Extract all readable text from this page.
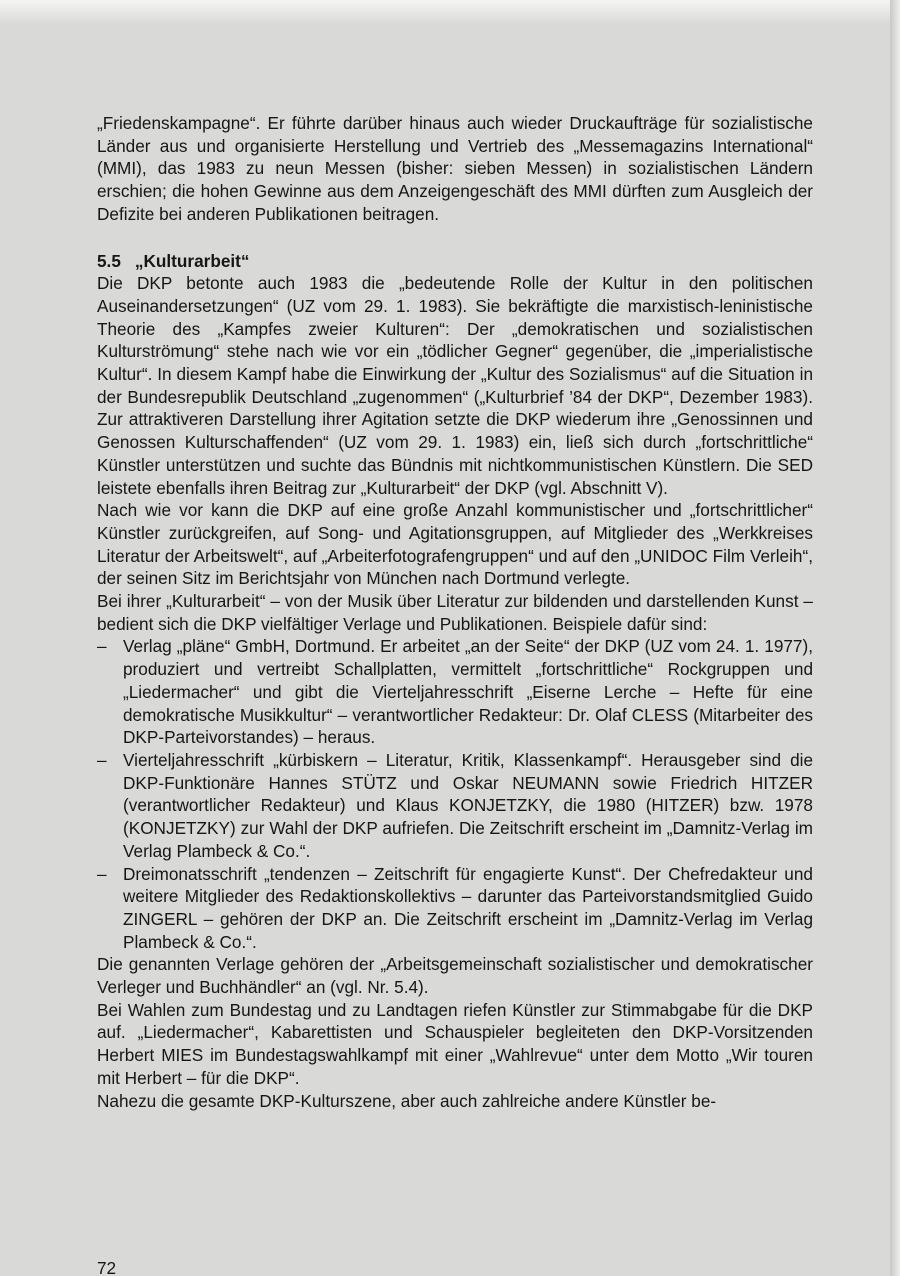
„Friedenskampagne“. Er führte darüber hinaus auch wieder Druckaufträge für sozialistische Länder aus und organisierte Herstellung und Vertrieb des „Messemagazins International“ (MMI), das 1983 zu neun Messen (bisher: sieben Messen) in sozialistischen Ländern erschien; die hohen Gewinne aus dem Anzeigengeschäft des MMI dürften zum Ausgleich der Defizite bei anderen Publikationen beitragen.

5.5 „Kulturarbeit“

Die DKP betonte auch 1983 die „bedeutende Rolle der Kultur in den politischen Auseinandersetzungen“ (UZ vom 29. 1. 1983). Sie bekräftigte die marxistisch-leninistische Theorie des „Kampfes zweier Kulturen“: Der „demokratischen und sozialistischen Kulturströmung“ stehe nach wie vor ein „tödlicher Gegner“ gegenüber, die „imperialistische Kultur“. In diesem Kampf habe die Einwirkung der „Kultur des Sozialismus“ auf die Situation in der Bundesrepublik Deutschland „zugenommen“ („Kulturbrief ’84 der DKP“, Dezember 1983). Zur attraktiveren Darstellung ihrer Agitation setzte die DKP wiederum ihre „Genossinnen und Genossen Kulturschaffenden“ (UZ vom 29. 1. 1983) ein, ließ sich durch „fortschrittliche“ Künstler unterstützen und suchte das Bündnis mit nichtkommunistischen Künstlern. Die SED leistete ebenfalls ihren Beitrag zur „Kulturarbeit“ der DKP (vgl. Abschnitt V).

Nach wie vor kann die DKP auf eine große Anzahl kommunistischer und „fortschrittlicher“ Künstler zurückgreifen, auf Song- und Agitationsgruppen, auf Mitglieder des „Werkkreises Literatur der Arbeitswelt“, auf „Arbeiterfotografengruppen“ und auf den „UNIDOC Film Verleih“, der seinen Sitz im Berichtsjahr von München nach Dortmund verlegte.

Bei ihrer „Kulturarbeit“ – von der Musik über Literatur zur bildenden und darstellenden Kunst – bedient sich die DKP vielfältiger Verlage und Publikationen. Beispiele dafür sind:

– Verlag „pläne“ GmbH, Dortmund. Er arbeitet „an der Seite“ der DKP (UZ vom 24. 1. 1977), produziert und vertreibt Schallplatten, vermittelt „fortschrittliche“ Rockgruppen und „Liedermacher“ und gibt die Vierteljahresschrift „Eiserne Lerche – Hefte für eine demokratische Musikkultur“ – verantwortlicher Redakteur: Dr. Olaf CLESS (Mitarbeiter des DKP-Parteivorstandes) – heraus.
– Vierteljahresschrift „kürbiskern – Literatur, Kritik, Klassenkampf“. Herausgeber sind die DKP-Funktionäre Hannes STÜTZ und Oskar NEUMANN sowie Friedrich HITZER (verantwortlicher Redakteur) und Klaus KONJETZKY, die 1980 (HITZER) bzw. 1978 (KONJETZKY) zur Wahl der DKP aufriefen. Die Zeitschrift erscheint im „Damnitz-Verlag im Verlag Plambeck & Co.“.
– Dreimonatsschrift „tendenzen – Zeitschrift für engagierte Kunst“. Der Chefredakteur und weitere Mitglieder des Redaktionskollektivs – darunter das Parteivorstandsmitglied Guido ZINGERL – gehören der DKP an. Die Zeitschrift erscheint im „Damnitz-Verlag im Verlag Plambeck & Co.“.

Die genannten Verlage gehören der „Arbeitsgemeinschaft sozialistischer und demokratischer Verleger und Buchhändler“ an (vgl. Nr. 5.4).

Bei Wahlen zum Bundestag und zu Landtagen riefen Künstler zur Stimmabgabe für die DKP auf. „Liedermacher“, Kabarettisten und Schauspieler begleiteten den DKP-Vorsitzenden Herbert MIES im Bundestagswahlkampf mit einer „Wahlrevue“ unter dem Motto „Wir touren mit Herbert – für die DKP“.

Nahezu die gesamte DKP-Kulturszene, aber auch zahlreiche andere Künstler be-

72
